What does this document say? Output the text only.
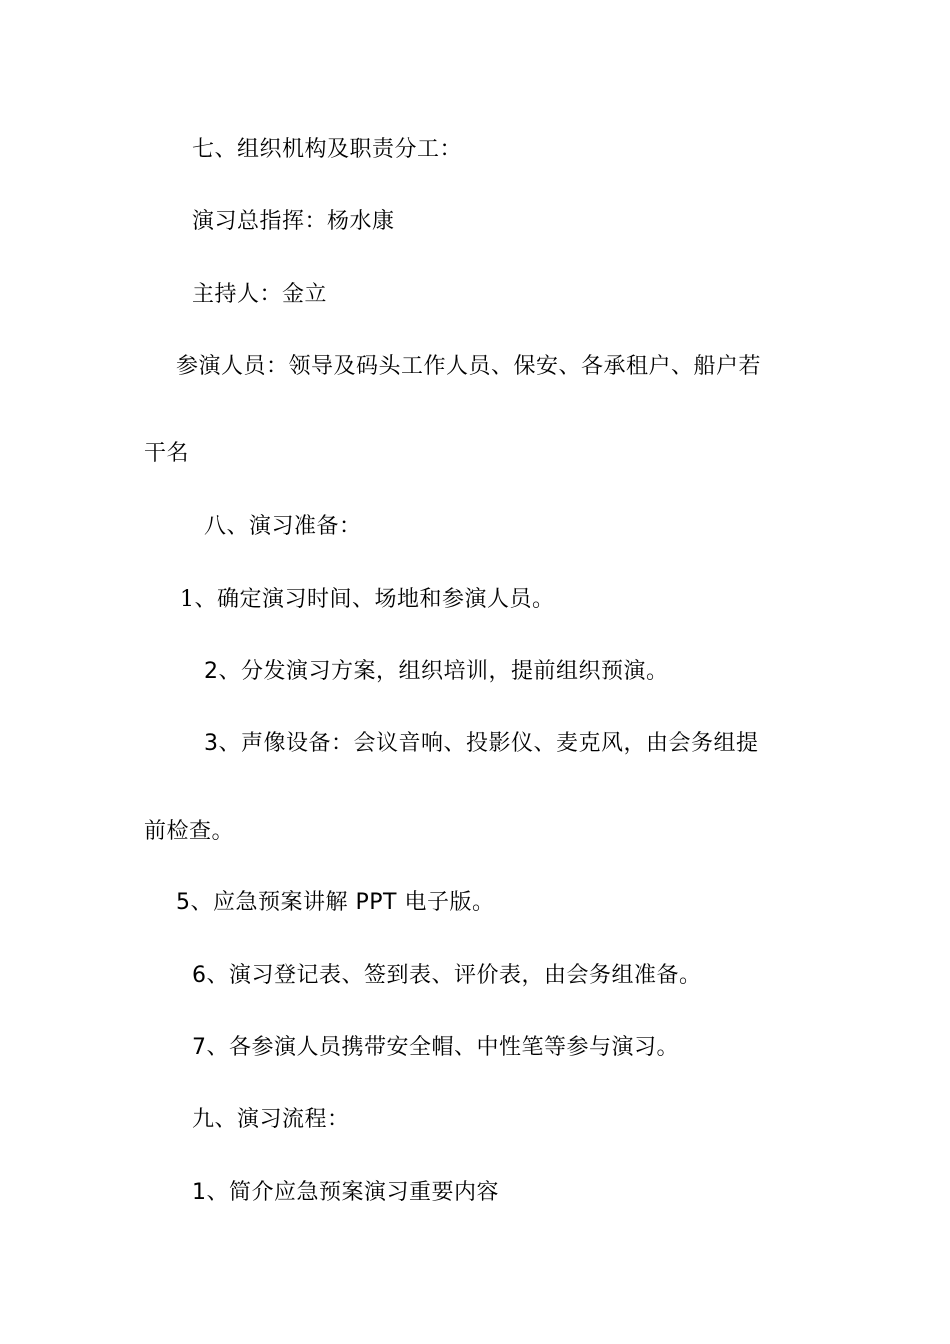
七、组织机构及职责分工：
演习总指挥：杨水康
主持人：金立
参演人员：领导及码头工作人员、保安、各承租户、船户若
干名
八、演习准备：
1、确定演习时间、场地和参演人员。
2、分发演习方案，组织培训，提前组织预演。
3、声像设备：会议音响、投影仪、麦克风，由会务组提
前检查。
5、应急预案讲解 PPT 电子版。
6、演习登记表、签到表、评价表，由会务组准备。
7、各参演人员携带安全帽、中性笔等参与演习。
九、演习流程：
1、简介应急预案演习重要内容
